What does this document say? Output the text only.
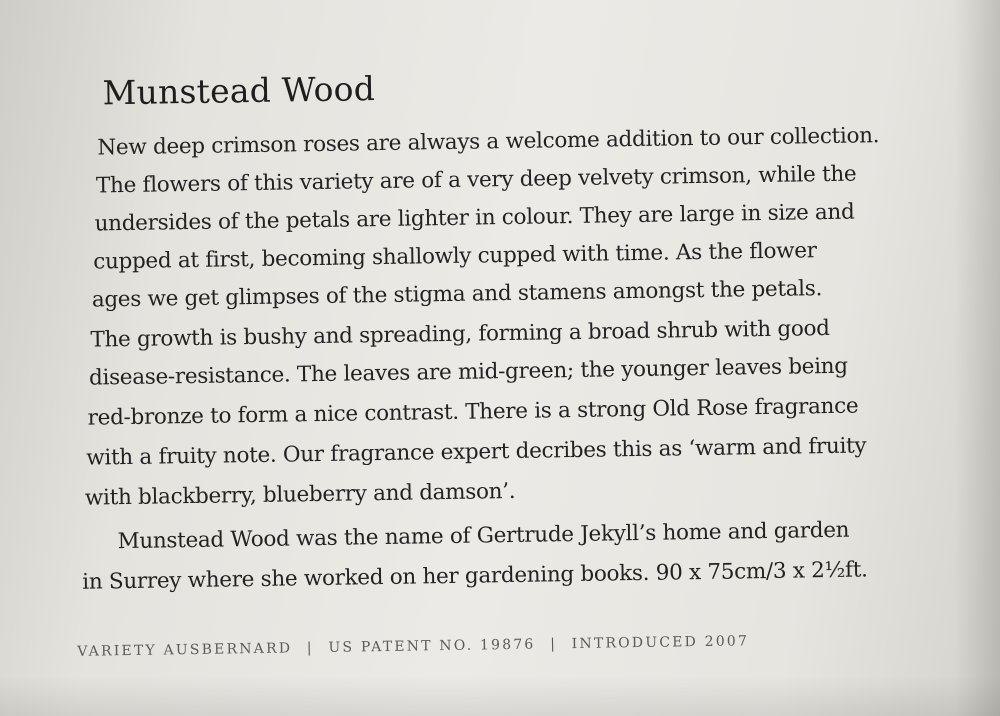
Munstead Wood
New deep crimson roses are always a welcome addition to our collection.
The flowers of this variety are of a very deep velvety crimson, while the
undersides of the petals are lighter in colour. They are large in size and
cupped at first, becoming shallowly cupped with time. As the flower
ages we get glimpses of the stigma and stamens amongst the petals.
The growth is bushy and spreading, forming a broad shrub with good
disease-resistance. The leaves are mid-green; the younger leaves being
red-bronze to form a nice contrast. There is a strong Old Rose fragrance
with a fruity note. Our fragrance expert decribes this as ‘warm and fruity
with blackberry, blueberry and damson’.
Munstead Wood was the name of Gertrude Jekyll’s home and garden
in Surrey where she worked on her gardening books. 90 x 75cm/3 x 2½ft.
VARIETY AUSBERNARD | US PATENT NO. 19876 | INTRODUCED 2007
